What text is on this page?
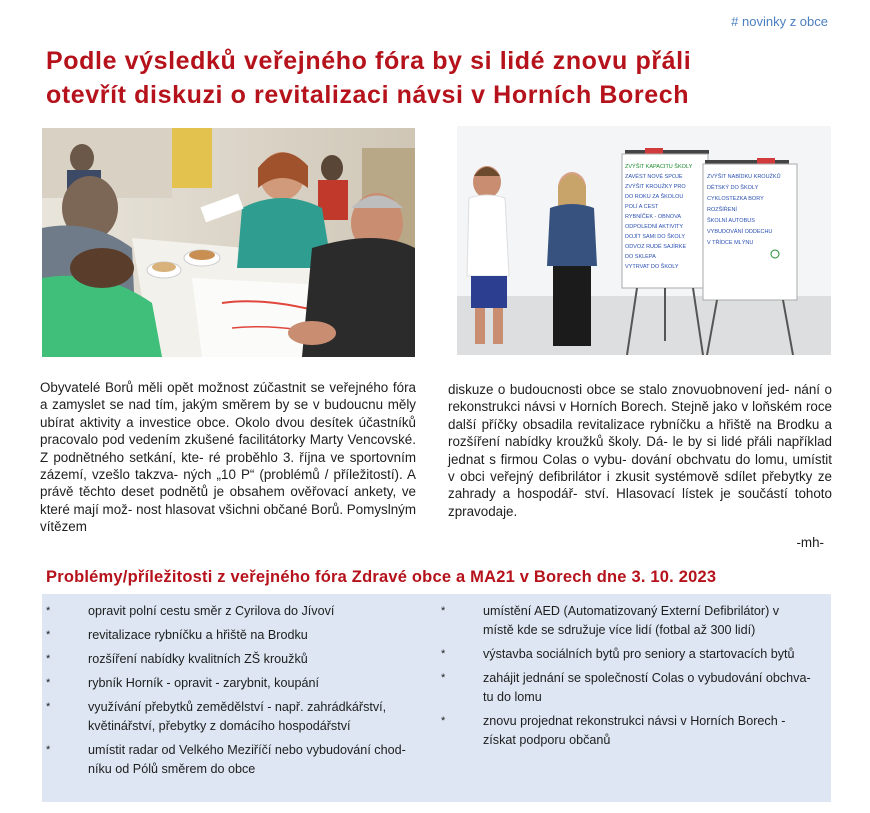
# novinky z obce
Podle výsledků veřejného fóra by si lidé znovu přáli
otevřít diskuzi o revitalizaci návsi v Horních Borech
ZVÝŠIT KAPACITU ŠKOLY
ZAVÉST NOVÉ SPOJE
ZVÝŠIT KROUŽKY PRO
DO ROKU ZA ŠKOLOU
POLÍ A CEST
RYBNÍČEK - OBNOVA
ODPOLEDNÍ AKTIVITY
DOJÍT SAMI DO ŠKOLY
ODVOZ RUDÉ SAJÍRKE
DO SKLEPA
VYTRVAT DO ŠKOLY
ZVÝŠIT NABÍDKU KROUŽKŮ
DĚTSKÝ DO ŠKOLY
CYKLOSTEZKA BORY
ROZŠÍŘENÍ
ŠKOLNÍ AUTOBUS
VYBUDOVÁNÍ ODDECHU
V TŘÍDCE MLÝNU
Obyvatelé Borů měli opět možnost zúčastnit se veřejného fóra a zamyslet se nad tím, jakým směrem by se v budoucnu měly ubírat aktivity a investice obce. Okolo dvou desítek účastníků pracovalo pod vedením zkušené facilitátorky Marty Vencovské. Z podnětného setkání, kte- ré proběhlo 3. října ve sportovním zázemí, vzešlo takzva- ných „10 P“ (problémů / příležitostí). A právě těchto deset podnětů je obsahem ověřovací ankety, ve které mají mož- nost hlasovat všichni občané Borů. Pomyslným vítězem
diskuze o budoucnosti obce se stalo znovuobnovení jed- nání o rekonstrukci návsi v Horních Borech. Stejně jako v loňském roce další příčky obsadila revitalizace rybníčku a hřiště na Brodku a rozšíření nabídky kroužků školy. Dá- le by si lidé přáli například jednat s firmou Colas o vybu- dování obchvatu do lomu, umístit v obci veřejný defibrilátor i zkusit systémově sdílet přebytky ze zahrady a hospodář- ství. Hlasovací lístek je součástí tohoto zpravodaje.
-mh-
Problémy/příležitosti z veřejného fóra Zdravé obce a MA21 v Borech dne 3. 10. 2023
*	opravit polní cestu směr z Cyrilova do Jívoví
*	revitalizace rybníčku a hřiště na Brodku
*	rozšíření nabídky kvalitních ZŠ kroužků
*	rybník Horník - opravit - zarybnit, koupání
*	využívání přebytků zemědělství - např. zahrádkářství,
květinářství, přebytky z domácího hospodářství
*	umístit radar od Velkého Meziříčí nebo vybudování chod-
níku od Pólů směrem do obce
*	umístění AED (Automatizovaný Externí Defibrilátor) v
místě kde se sdružuje více lidí (fotbal až 300 lidí)
*	výstavba sociálních bytů pro seniory a startovacích bytů
*	zahájit jednání se společností Colas o vybudování obchva-
tu do lomu
*	znovu projednat rekonstrukci návsi v Horních Borech -
získat podporu občanů
